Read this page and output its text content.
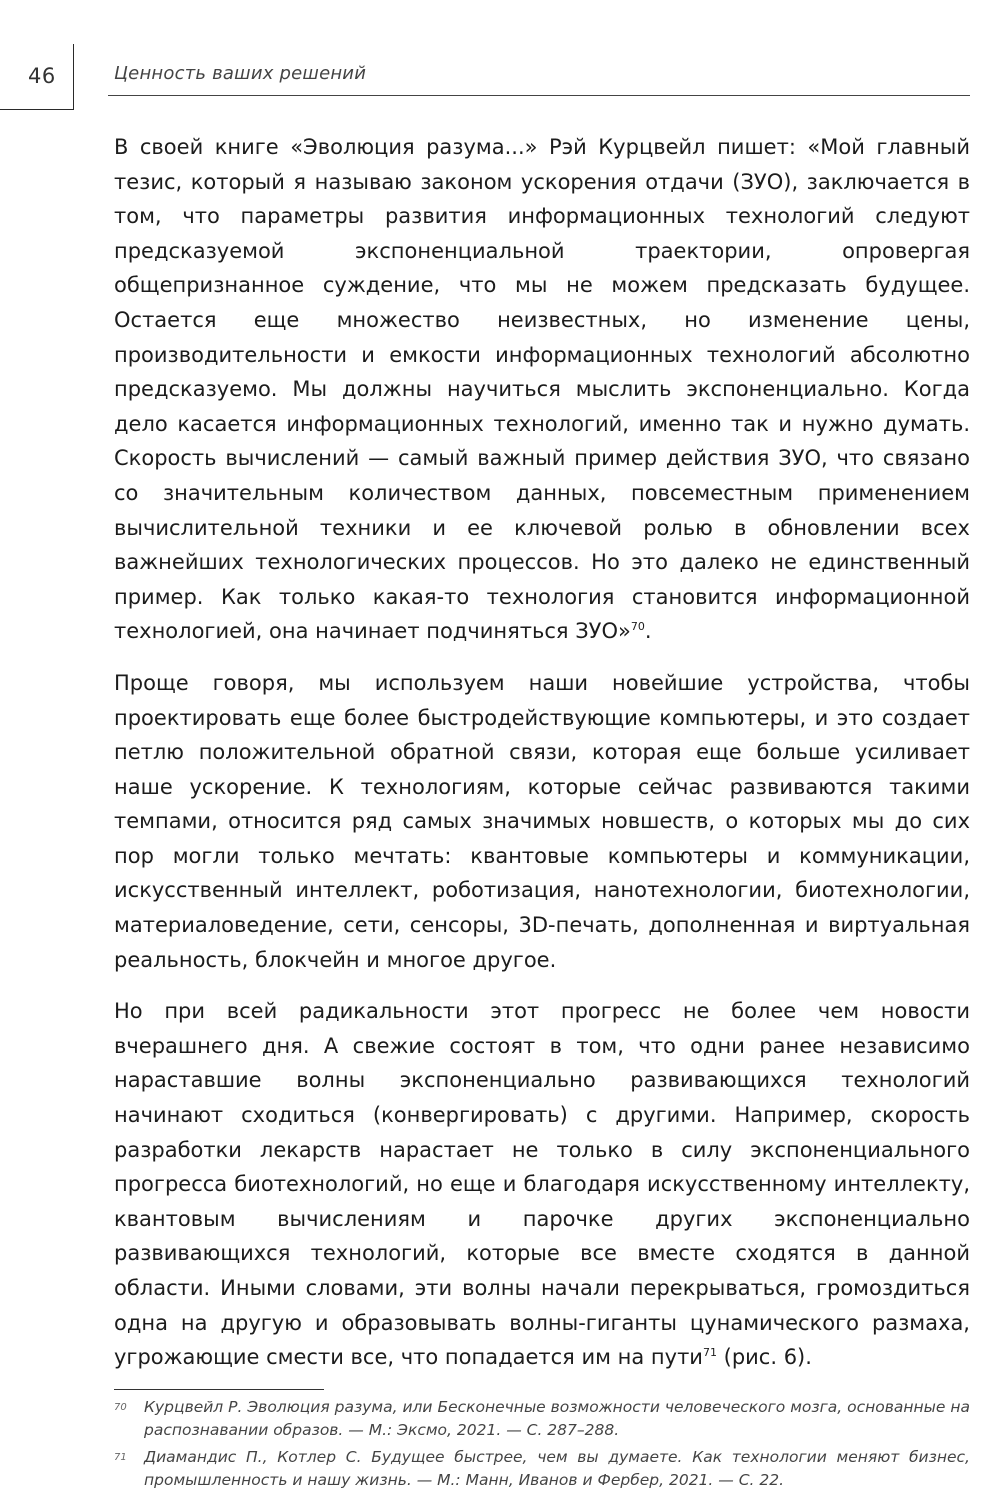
46	Ценность ваших решений

В своей книге «Эволюция разума...» Рэй Курцвейл пишет: «Мой главный тезис, который я называю законом ускорения отдачи (ЗУО), заключается в том, что параметры развития информационных технологий следуют предсказуемой экспоненциальной траектории, опровергая общепризнанное суждение, что мы не можем предсказать будущее. Остается еще множество неизвестных, но изменение цены, производительности и емкости информационных технологий абсолютно предсказуемо. Мы должны научиться мыслить экспоненциально. Когда дело касается информационных технологий, именно так и нужно думать. Скорость вычислений — самый важный пример действия ЗУО, что связано со значительным количеством данных, повсеместным применением вычислительной техники и ее ключевой ролью в обновлении всех важнейших технологических процессов. Но это далеко не единственный пример. Как только какая-то технология становится информационной технологией, она начинает подчиняться ЗУО»$^{70}$.

Проще говоря, мы используем наши новейшие устройства, чтобы проектировать еще более быстродействующие компьютеры, и это создает петлю положительной обратной связи, которая еще больше усиливает наше ускорение. К технологиям, которые сейчас развиваются такими темпами, относится ряд самых значимых новшеств, о которых мы до сих пор могли только мечтать: квантовые компьютеры и коммуникации, искусственный интеллект, роботизация, нанотехнологии, биотехнологии, материаловедение, сети, сенсоры, 3D-печать, дополненная и виртуальная реальность, блокчейн и многое другое.

Но при всей радикальности этот прогресс не более чем новости вчерашнего дня. А свежие состоят в том, что одни ранее независимо нараставшие волны экспоненциально развивающихся технологий начинают сходиться (конвергировать) с другими. Например, скорость разработки лекарств нарастает не только в силу экспоненциального прогресса биотехнологий, но еще и благодаря искусственному интеллекту, квантовым вычислениям и парочке других экспоненциально развивающихся технологий, которые все вместе сходятся в данной области. Иными словами, эти волны начали перекрываться, громоздиться одна на другую и образовывать волны-гиганты цунамического размаха, угрожающие смести все, что попадается им на пути$^{71}$ (рис. 6).

70 Курцвейл Р. Эволюция разума, или Бесконечные возможности человеческого мозга, основанные на распознавании образов. — М.: Эксмо, 2021. — С. 287–288.

71 Диамандис П., Котлер С. Будущее быстрее, чем вы думаете. Как технологии меняют бизнес, промышленность и нашу жизнь. — М.: Манн, Иванов и Фербер, 2021. — С. 22.
